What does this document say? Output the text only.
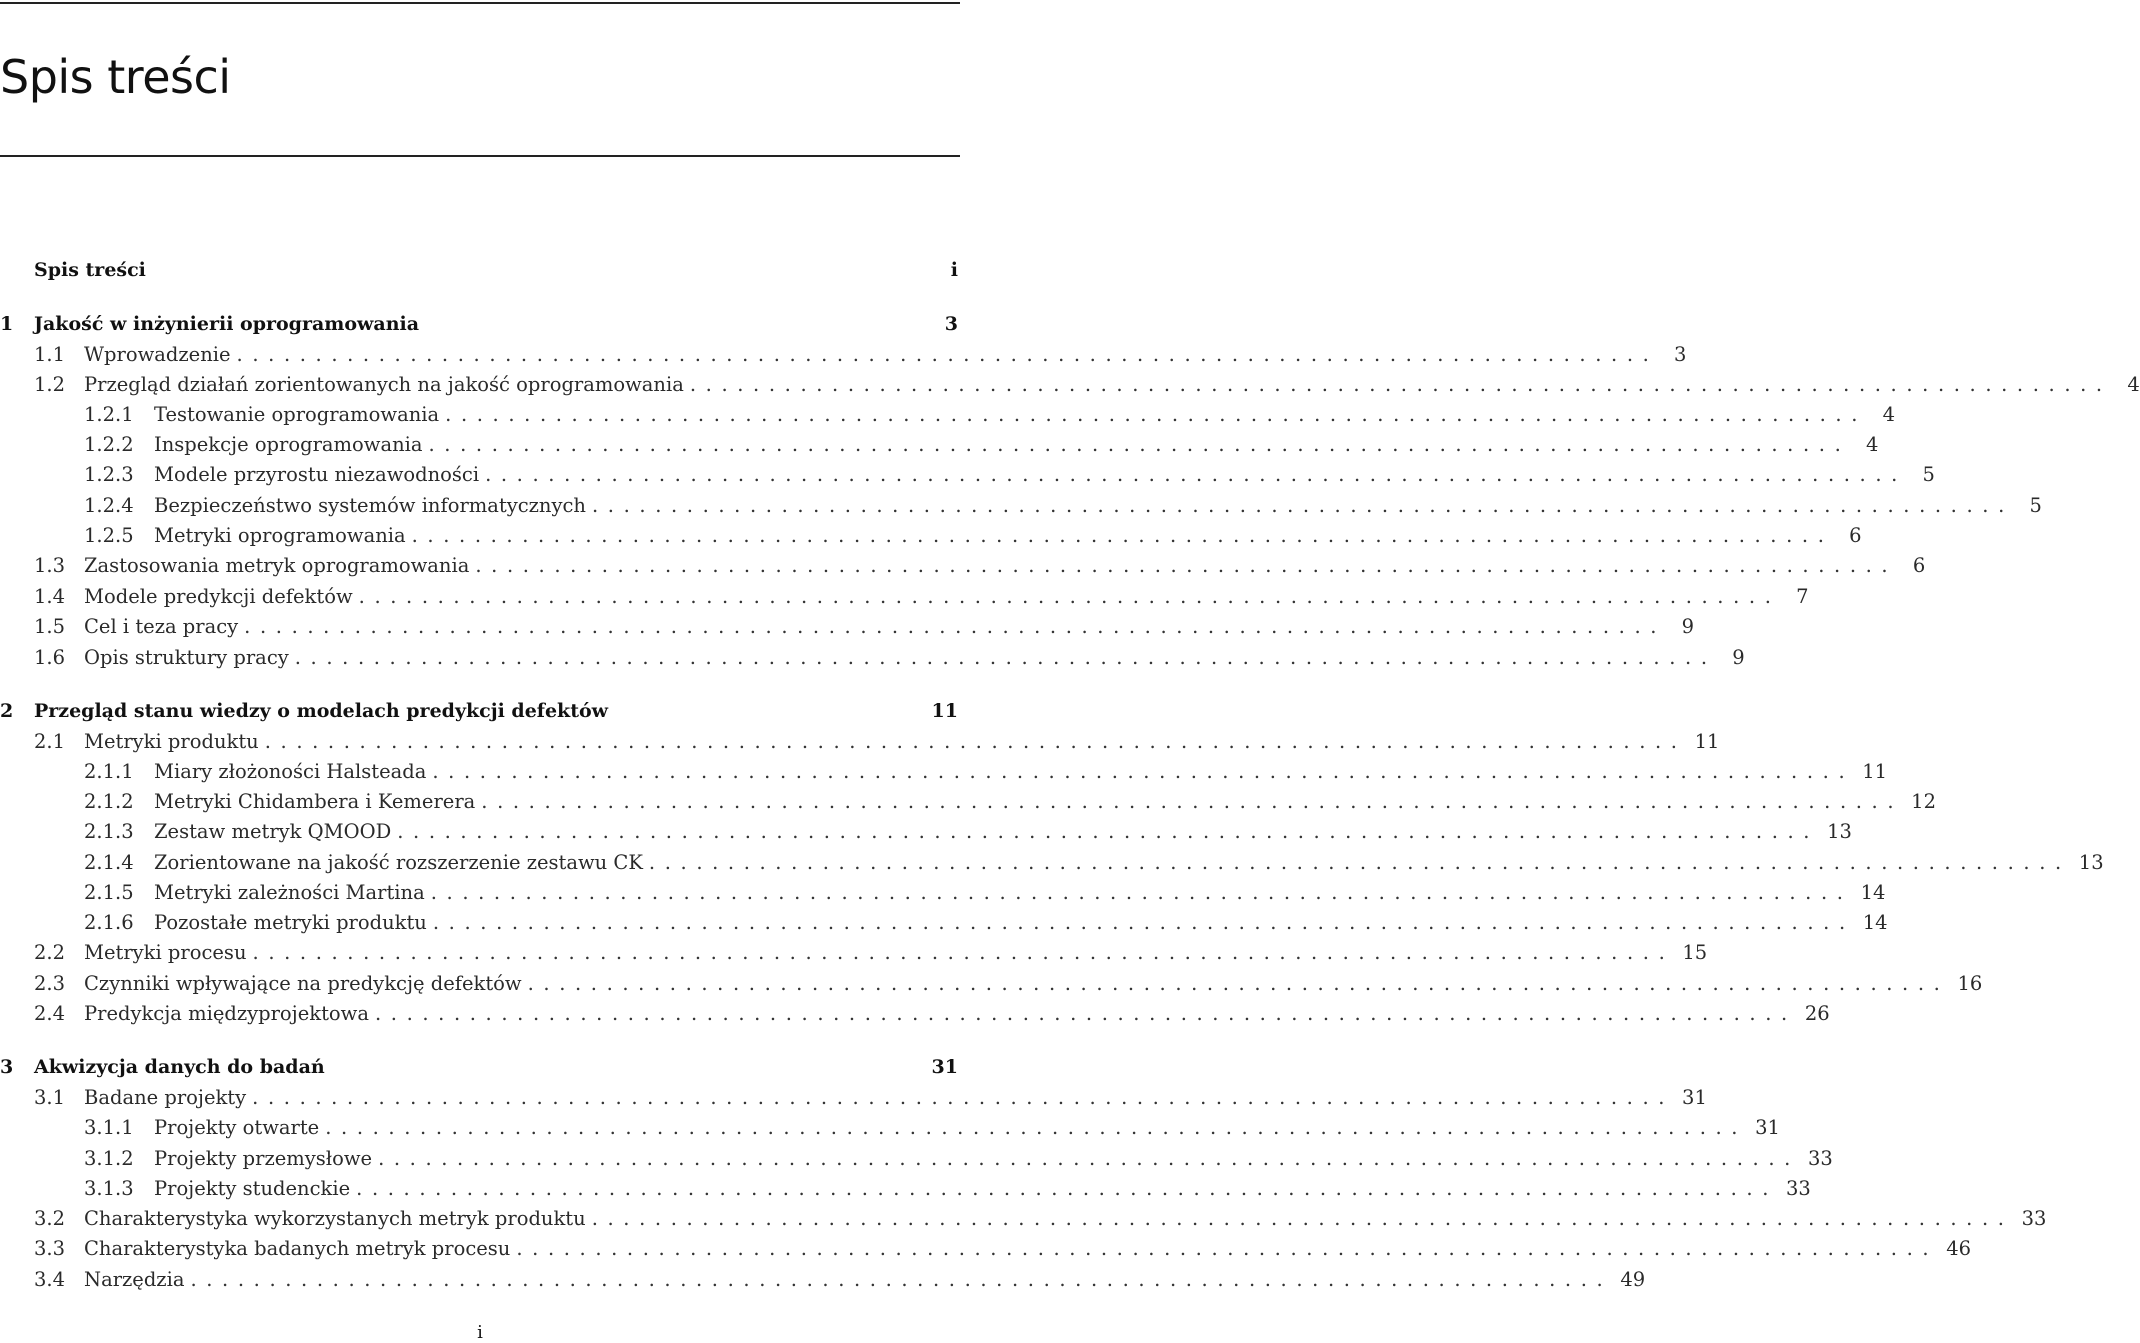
Spis treści
Spis treści	i
1	Jakość w inżynierii oprogramowania	3
1.1 Wprowadzenie .......................................................................................... 3
1.2 Przegląd działań zorientowanych na jakość oprogramowania .......................................................................................... 4
1.2.1	Testowanie oprogramowania .......................................................................................... 4
1.2.2	Inspekcje oprogramowania .......................................................................................... 4
1.2.3	Modele przyrostu niezawodności .......................................................................................... 5
1.2.4	Bezpieczeństwo systemów informatycznych .......................................................................................... 5
1.2.5	Metryki oprogramowania .......................................................................................... 6
1.3 Zastosowania metryk oprogramowania .......................................................................................... 6
1.4 Modele predykcji defektów .......................................................................................... 7
1.5 Cel i teza pracy .......................................................................................... 9
1.6 Opis struktury pracy .......................................................................................... 9
2	Przegląd stanu wiedzy o modelach predykcji defektów	11
2.1 Metryki produktu .......................................................................................... 11
2.1.1	Miary złożoności Halsteada .......................................................................................... 11
2.1.2	Metryki Chidambera i Kemerera .......................................................................................... 12
2.1.3	Zestaw metryk QMOOD .......................................................................................... 13
2.1.4	Zorientowane na jakość rozszerzenie zestawu CK .......................................................................................... 13
2.1.5	Metryki zależności Martina .......................................................................................... 14
2.1.6	Pozostałe metryki produktu .......................................................................................... 14
2.2 Metryki procesu .......................................................................................... 15
2.3 Czynniki wpływające na predykcję defektów .......................................................................................... 16
2.4 Predykcja międzyprojektowa .......................................................................................... 26
3	Akwizycja danych do badań	31
3.1 Badane projekty .......................................................................................... 31
3.1.1	Projekty otwarte .......................................................................................... 31
3.1.2	Projekty przemysłowe .......................................................................................... 33
3.1.3	Projekty studenckie .......................................................................................... 33
3.2 Charakterystyka wykorzystanych metryk produktu .......................................................................................... 33
3.3 Charakterystyka badanych metryk procesu .......................................................................................... 46
3.4 Narzędzia .......................................................................................... 49
i
